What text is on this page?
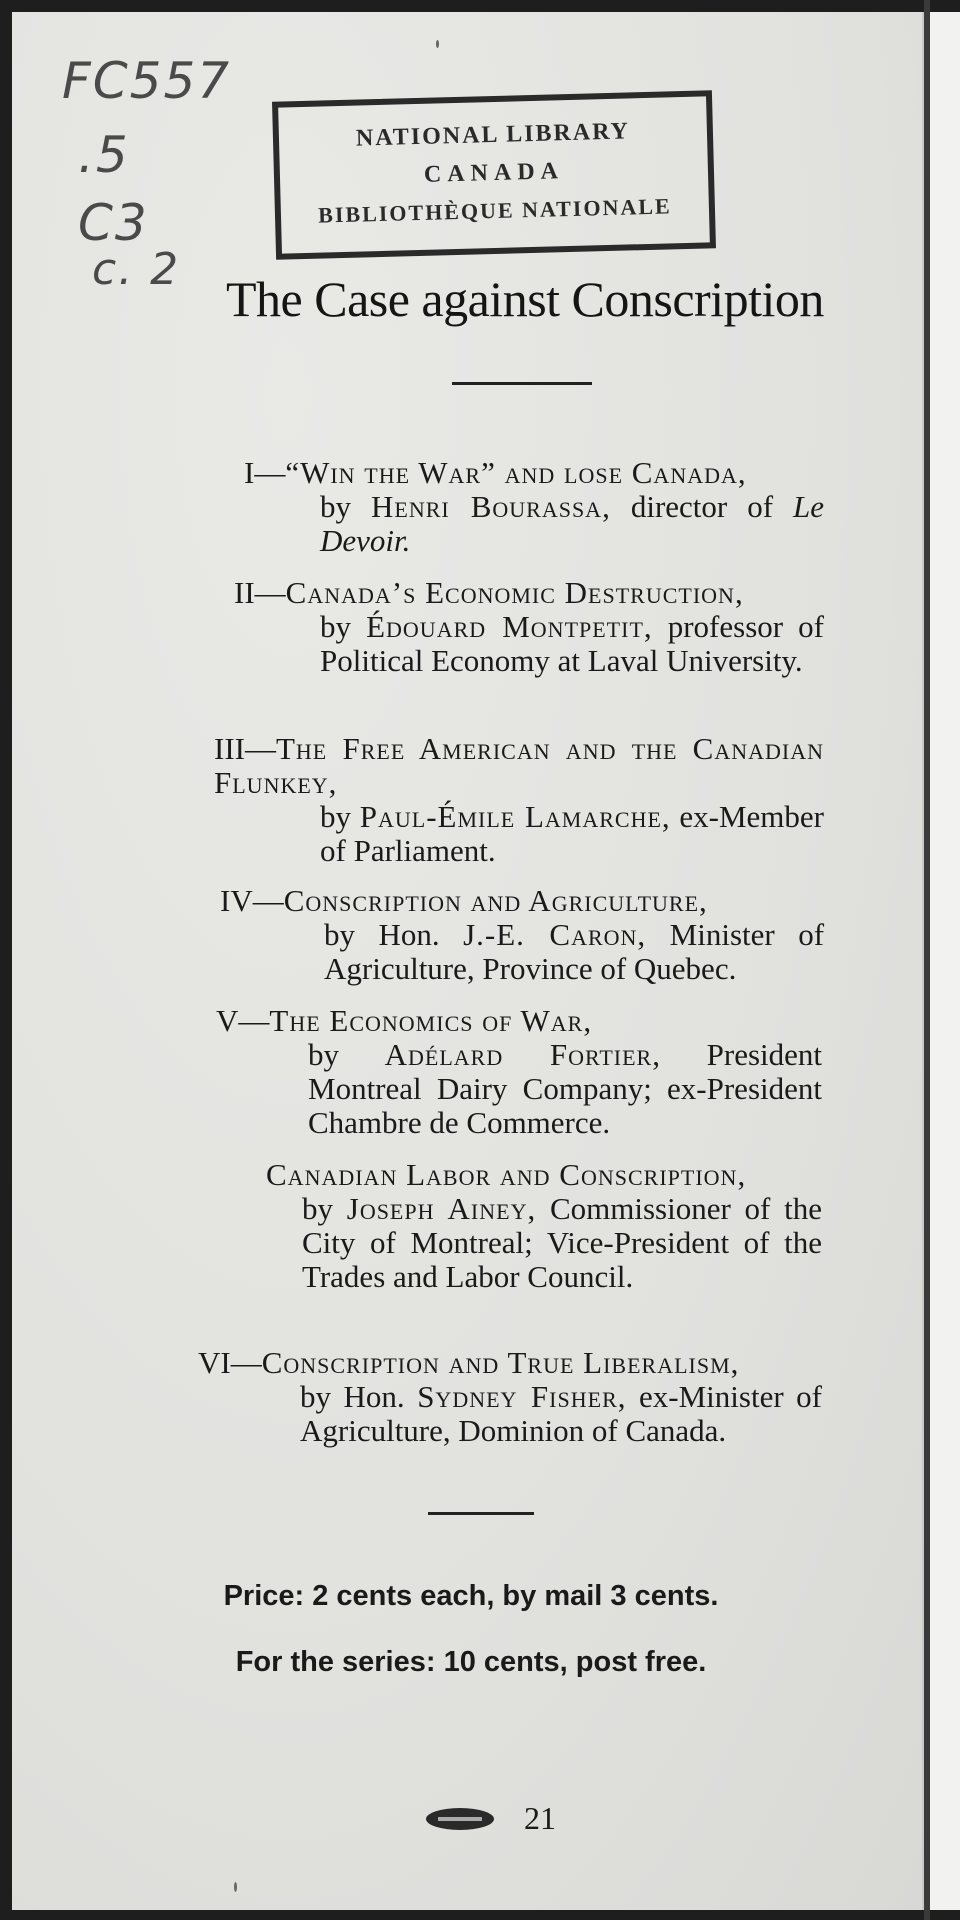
FC557
.5
C3
c. 2
NATIONAL LIBRARY
CANADA
BIBLIOTHÈQUE NATIONALE
The Case against Conscription
I—“Win the War” and lose Canada,
by Henri Bourassa, director of Le Devoir.
II—Canada’s Economic Destruction,
by Édouard Montpetit, professor of Political Economy at Laval University.
III—The Free American and the Canadian Flunkey,
by Paul-Émile Lamarche, ex-Member of Parliament.
IV—Conscription and Agriculture,
by Hon. J.-E. Caron, Minister of Agriculture, Province of Quebec.
V—The Economics of War,
by Adélard Fortier, President Montreal Dairy Company; ex-President Chambre de Commerce.
Canadian Labor and Conscription,
by Joseph Ainey, Commissioner of the City of Montreal; Vice-President of the Trades and Labor Council.
VI—Conscription and True Liberalism,
by Hon. Sydney Fisher, ex-Minister of Agriculture, Dominion of Canada.
Price: 2 cents each, by mail 3 cents.
For the series: 10 cents, post free.
21
